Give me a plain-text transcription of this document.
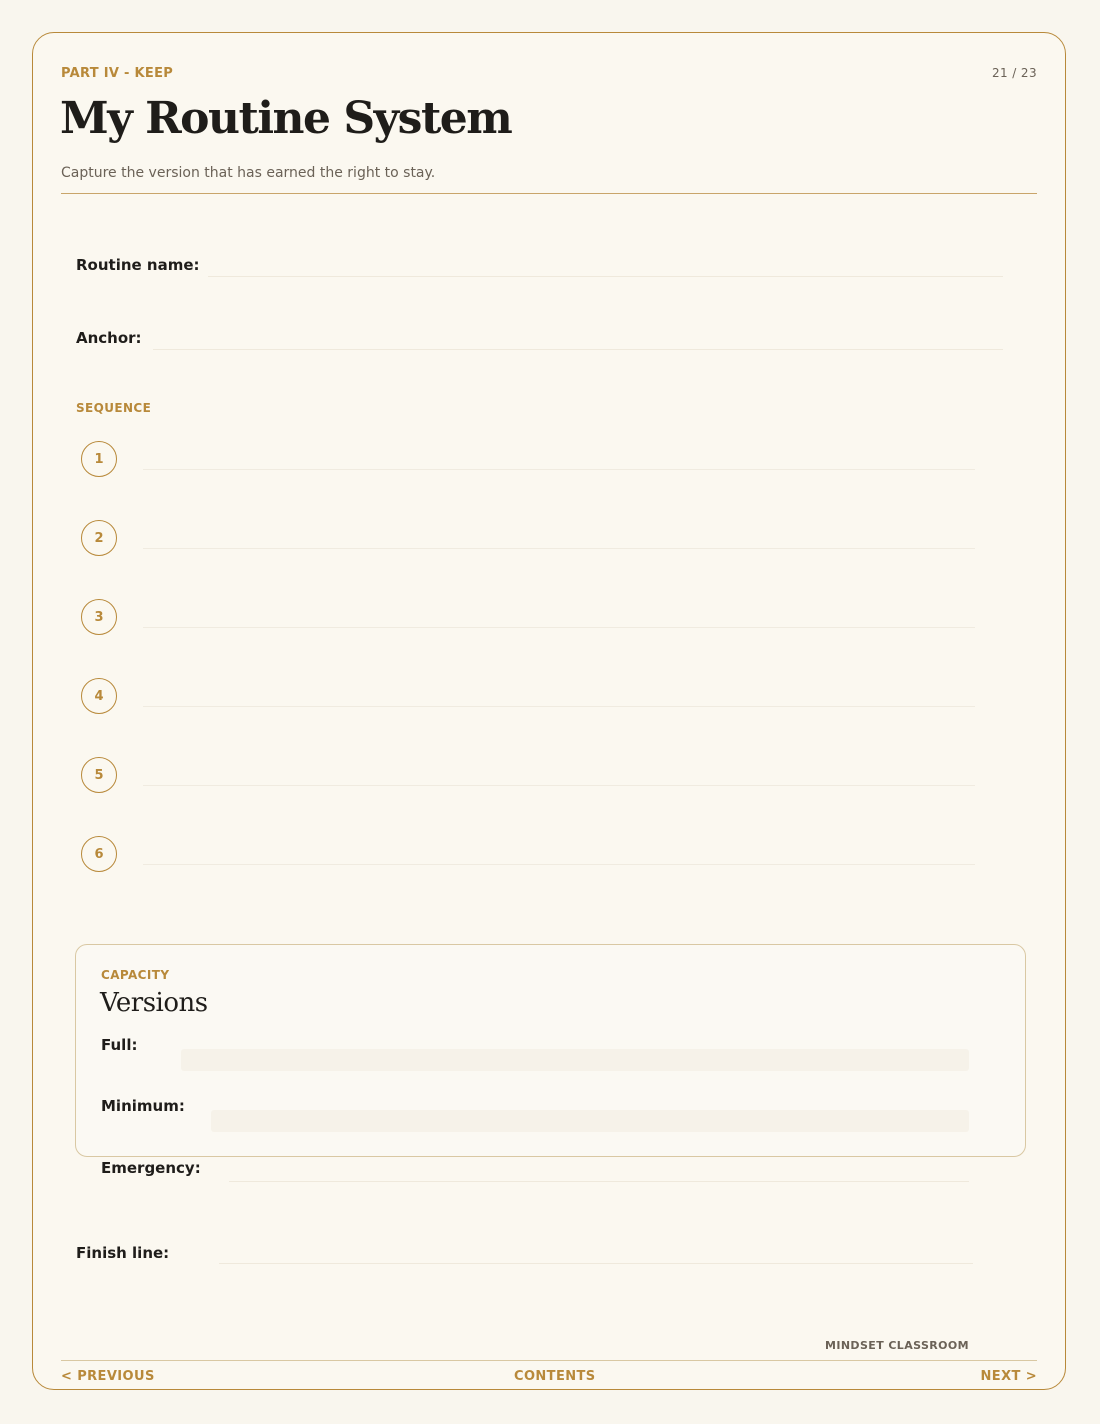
PART IV - KEEP	21 / 23
My Routine System
Capture the version that has earned the right to stay.
Routine name:
Anchor:
SEQUENCE
1
2
3
4
5
6
CAPACITY
Versions
Full:
Minimum:
Emergency:
Finish line:
MINDSET CLASSROOM
< PREVIOUS	CONTENTS	NEXT >
